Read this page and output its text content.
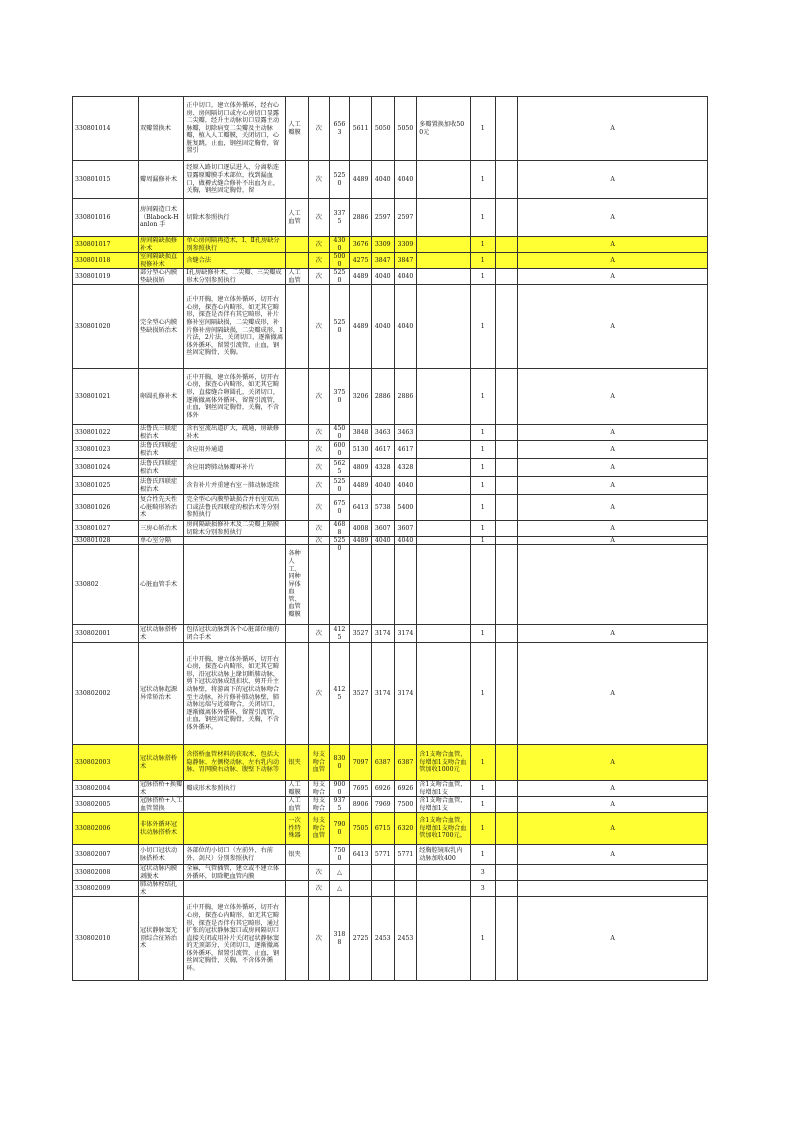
330801014	双瓣置换术	正中切口，建立体外循环，经右心房、房间隔切口或左心房切口显露二尖瓣，经升主动脉切口显露主动脉瓣，切除病变二尖瓣及主动脉瓣，植入人工瓣膜，关闭切口，心脏复跳，止血，钢丝固定胸骨，留置引	人工瓣膜	次	6563	5611	5050	5050	多瓣置换加收500元	1		A

330801015	瓣周漏修补术	经原入路切口逐层进入，分离粘连显露原瓣膜手术部位，找到漏血口，做褥式缝合修补不出血为止，关胸，钢丝固定胸骨，留		次	5250	4489	4040	4040		1		A

330801016	房间隔造口术（Blabock-Hanlon 手	切除术参照执行	人工血管	次	3375	2886	2597	2597		1		A

330801017	房间隔缺损修补术	单心房间隔再造术，Ⅰ、Ⅱ孔房缺分别参照执行		次	4300	3676	3309	3309		1		A

330801018	室间隔缺损直视修补术	含缝合法		次	5000	4275	3847	3847		1		A

330801019	部分型心内膜垫缺损矫	Ⅰ孔房缺修补术，二尖瓣、三尖瓣成形术分别参照执行	人工血管	次	5250	4489	4040	4040		1		A

330801020	完全型心内膜垫缺损矫治术	正中开胸，建立体外循环，切开右心房，探查心内畸形，如无其它畸形，探查是否伴有其它畸形，补片修补室间隔缺损，二尖瓣成形，补片修补房间隔缺损，二尖瓣成形，1片法，2片法，关闭切口，逐渐撤离体外循环，留置引流管，止血，钢丝固定胸骨，关胸。		次	5250	4489	4040	4040		1		A

330801021	卵圆孔修补术	正中开胸，建立体外循环，切开右心房，探查心内畸形，如无其它畸形，直接缝合卵圆孔，关闭切口，逐渐撤离体外循环，留置引流管，止血，钢丝固定胸骨，关胸，不含体外		次	3750	3206	2886	2886		1		A

330801022	法鲁氏三联症根治术	含右室流出道扩大，疏通，房缺修补术		次	4500	3848	3463	3463		1		A

330801023	法鲁氏四联症根治术	含应用外通道		次	6000	5130	4617	4617		1		A

330801024	法鲁氏四联症根治术	含应用跨肺动脉瓣环补片		次	5625	4809	4328	4328		1		A

330801025	法鲁氏四联症根治术	含肯补片并重建右室－肺动脉连续		次	5250	4489	4040	4040		1		A

330801026	复合性先天性心脏畸形矫治术	完全型心内膜垫缺损合并右室双出口或法鲁氏四联症的根治术等分别参照执行		次	6750	6413	5738	5400		1		A

330801027	三房心矫治术	房间隔缺损修补术及二尖瓣上隔膜切除术分别参照执行		次	4688	4008	3607	3607		1		A

330801028	单心室分隔			次	5250	4489	4040	4040		1		A

330802	心脏血管手术		各种人工、同种异体血管、血管瓣膜									

330802001	冠状动脉搭桥术	包括冠状动脉到各个心脏部位瘘的闭合手术		次	4125	3527	3174	3174		1		A

330802002	冠状动脉起源异常矫治术	正中开胸，建立体外循环，切开右心房，探查心内畸形，如无其它畸形，沿冠状动脉上缘切断肺动脉，剪下冠状动脉成纽扣状，剪开升主动脉壁，将游离下的冠状动脉吻合至主动脉，补片修补肺动脉壁，肺动脉远端与近端吻合，关闭切口，逐渐撤离体外循环，留置引流管，止血，钢丝固定胸骨，关胸，不含体外循环。		次	4125	3527	3174	3174		1		A

330802003	冠状动脉搭桥术	含搭桥血管材料的获取术，包括大隐静脉、左侧桡动脉、左右乳内动脉、胃网膜右动脉、腹壁下动脉等	银夹	每支吻合血管	8300	7097	6387	6387	含1支吻合血管，每增加1支吻合血管加收1000元	1		A

330802004	冠脉搭桥+换瓣术	瓣成形术参照执行	人工瓣膜	每支吻合	9000	7695	6926	6926	含1支吻合血管，每增加1支	1		A

330802005	冠脉搭桥+人工血管置换		人工血管	每支吻合	9375	8906	7969	7500	含1支吻合血管，每增加1支	1		A

330802006	非体外循环冠状动脉搭桥术		一次性特殊器	每支吻合血管	7900	7505	6715	6320	含1支吻合血管，每增加1支吻合血管加收1700元。	1		A

330802007	小切口冠状动脉搭桥术	各部位的小切口（左前外、右前外、剑尺）分别参照执行	银夹		7500	6413	5771	5771	经胸腔镜取乳内动脉加收400	1		A

330802008	冠状动脉内膜剥脱术	全麻，气管插管，建立或不建立体外循环，切除靶血管内膜		次	△					3		

330802009	肺动脉栓结扎术			次	△					3		

330802010	冠状静脉窦无顶综合征矫治术	正中开胸，建立体外循环，切开右心房，探查心内畸形，如无其它畸形，探查是否伴有其它畸形，通过扩张的冠状静脉窦口或房间隔切口直接关闭或用补片关闭冠状静脉窦的无顶部分，关闭切口，逐渐撤离体外循环，留置引流管，止血，钢丝固定胸骨，关胸，不含体外循环。		次	3188	2725	2453	2453		1		A
